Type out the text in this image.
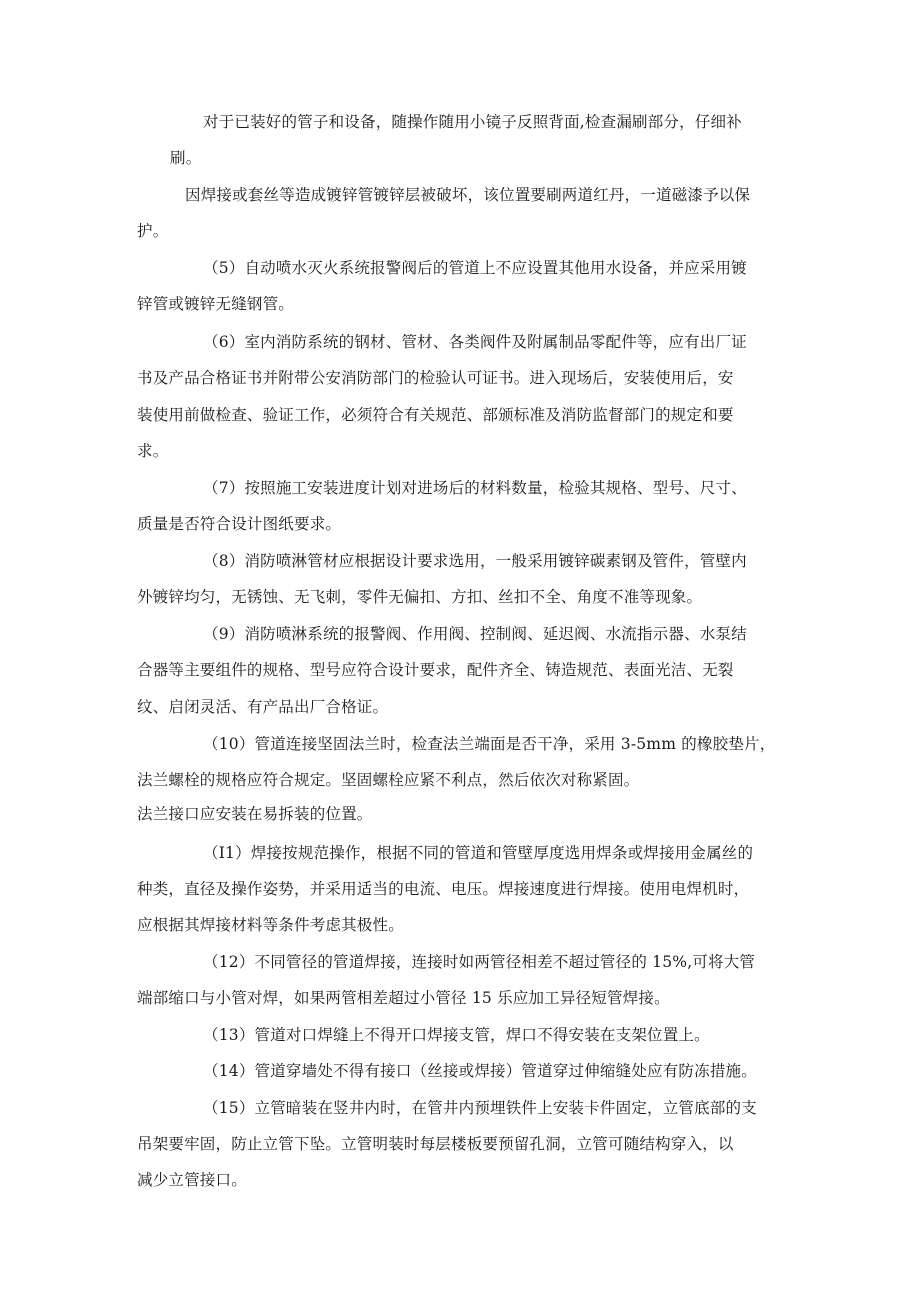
对于已装好的管子和设备，随操作随用小镜子反照背面,检查漏刷部分，仔细补
刷。
因焊接或套丝等造成镀锌管镀锌层被破坏，该位置要刷两道红丹，一道磁漆予以保
护。
（5）自动喷水灭火系统报警阀后的管道上不应设置其他用水设备，并应采用镀
锌管或镀锌无缝钢管。
（6）室内消防系统的钢材、管材、各类阀件及附属制品零配件等，应有出厂证
书及产品合格证书并附带公安消防部门的检验认可证书。进入现场后，安装使用后，安
装使用前做检查、验证工作，必须符合有关规范、部颁标准及消防监督部门的规定和要
求。
（7）按照施工安装进度计划对进场后的材料数量，检验其规格、型号、尺寸、
质量是否符合设计图纸要求。
（8）消防喷淋管材应根据设计要求选用，一般采用镀锌碳素钢及管件，管壁内
外镀锌均匀，无锈蚀、无飞刺，零件无偏扣、方扣、丝扣不全、角度不准等现象。
（9）消防喷淋系统的报警阀、作用阀、控制阀、延迟阀、水流指示器、水泵结
合器等主要组件的规格、型号应符合设计要求，配件齐全、铸造规范、表面光洁、无裂
纹、启闭灵活、有产品出厂合格证。
（10）管道连接坚固法兰时，检查法兰端面是否干净，采用 3-5mm 的橡胶垫片，
法兰螺栓的规格应符合规定。坚固螺栓应紧不利点，然后依次对称紧固。
法兰接口应安装在易拆装的位置。
（I1）焊接按规范操作，根据不同的管道和管壁厚度选用焊条或焊接用金属丝的
种类，直径及操作姿势，并采用适当的电流、电压。焊接速度进行焊接。使用电焊机时，
应根据其焊接材料等条件考虑其极性。
（12）不同管径的管道焊接，连接时如两管径相差不超过管径的 15%,可将大管
端部缩口与小管对焊，如果两管相差超过小管径 15 乐应加工异径短管焊接。
（13）管道对口焊缝上不得开口焊接支管，焊口不得安装在支架位置上。
（14）管道穿墙处不得有接口（丝接或焊接）管道穿过伸缩缝处应有防冻措施。
（15）立管暗装在竖井内时，在管井内预埋铁件上安装卡件固定，立管底部的支
吊架要牢固，防止立管下坠。立管明装时每层楼板要预留孔洞，立管可随结构穿入，以
减少立管接口。
